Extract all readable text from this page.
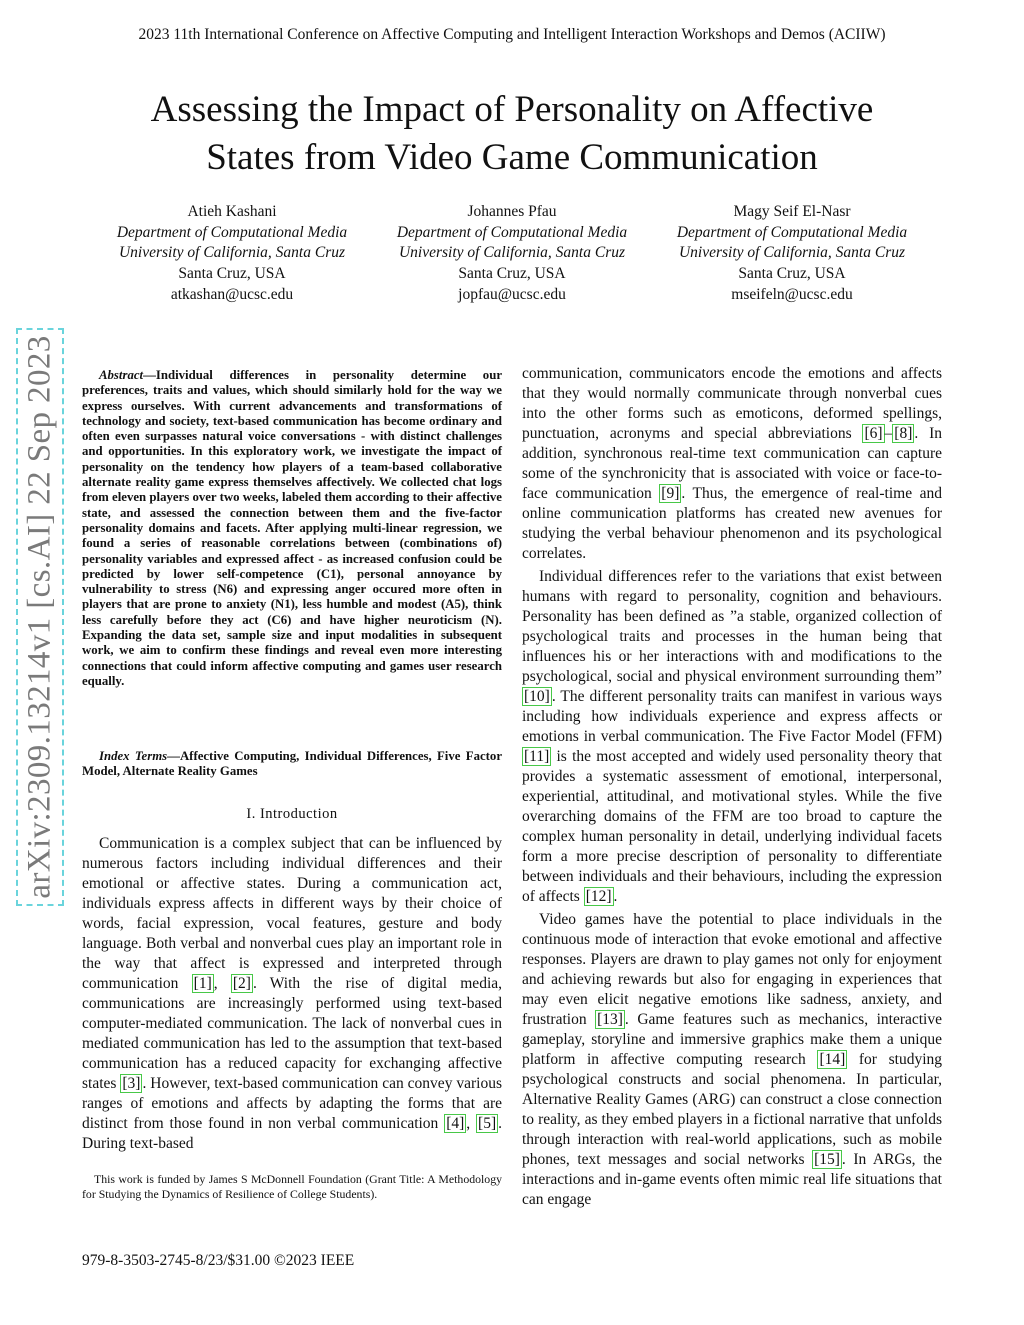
2023 11th International Conference on Affective Computing and Intelligent Interaction Workshops and Demos (ACIIW)
Assessing the Impact of Personality on Affective
States from Video Game Communication
Atieh Kashani
Department of Computational Media
University of California, Santa Cruz
Santa Cruz, USA
atkashan@ucsc.edu
Johannes Pfau
Department of Computational Media
University of California, Santa Cruz
Santa Cruz, USA
jopfau@ucsc.edu
Magy Seif El-Nasr
Department of Computational Media
University of California, Santa Cruz
Santa Cruz, USA
mseifeln@ucsc.edu
arXiv:2309.13214v1 [cs.AI] 22 Sep 2023	Abstract—Individual differences in personality determine our preferences, traits and values, which should similarly hold for the way we express ourselves. With current advancements and transformations of technology and society, text-based communication has become ordinary and often even surpasses natural voice conversations - with distinct challenges and opportunities. In this exploratory work, we investigate the impact of personality on the tendency how players of a team-based collaborative alternate reality game express themselves affectively. We collected chat logs from eleven players over two weeks, labeled them according to their affective state, and assessed the connection between them and the five-factor personality domains and facets. After applying multi-linear regression, we found a series of reasonable correlations between (combinations of) personality variables and expressed affect - as increased confusion could be predicted by lower self-competence (C1), personal annoyance by vulnerability to stress (N6) and expressing anger occured more often in players that are prone to anxiety (N1), less humble and modest (A5), think less carefully before they act (C6) and have higher neuroticism (N). Expanding the data set, sample size and input modalities in subsequent work, we aim to confirm these findings and reveal even more interesting connections that could inform affective computing and games user research equally.
Index Terms—Affective Computing, Individual Differences, Five Factor Model, Alternate Reality Games
I. Introduction

Communication is a complex subject that can be influenced by numerous factors including individual differences and their emotional or affective states. During a communication act, individuals express affects in different ways by their choice of words, facial expression, vocal features, gesture and body language. Both verbal and nonverbal cues play an important role in the way that affect is expressed and interpreted through communication [1] , [2] . With the rise of digital media, communications are increasingly performed using text-based computer-mediated communication. The lack of nonverbal cues in mediated communication has led to the assumption that text-based communication has a reduced capacity for exchanging affective states [3] . However, text-based communication can convey various ranges of emotions and affects by adapting the forms that are distinct from those found in non verbal communication [4] , [5] . During text-based

communication, communicators encode the emotions and affects that they would normally communicate through nonverbal cues into the other forms such as emoticons, deformed spellings, punctuation, acronyms and special abbreviations [6] – [8] . In addition, synchronous real-time text communication can capture some of the synchronicity that is associated with voice or face-to-face communication [9] . Thus, the emergence of real-time and online communication platforms has created new avenues for studying the verbal behaviour phenomenon and its psychological correlates.

Individual differences refer to the variations that exist between humans with regard to personality, cognition and behaviours. Personality has been defined as ”a stable, organized collection of psychological traits and processes in the human being that influences his or her interactions with and modifications to the psychological, social and physical environment surrounding them” [10] . The different personality traits can manifest in various ways including how individuals experience and express affects or emotions in verbal communication. The Five Factor Model (FFM) [11] is the most accepted and widely used personality theory that provides a systematic assessment of emotional, interpersonal, experiential, attitudinal, and motivational styles. While the five overarching domains of the FFM are too broad to capture the complex human personality in detail, underlying individual facets form a more precise description of personality to differentiate between individuals and their behaviours, including the expression of affects [12] .

Video games have the potential to place individuals in the continuous mode of interaction that evoke emotional and affective responses. Players are drawn to play games not only for enjoyment and achieving rewards but also for engaging in experiences that may even elicit negative emotions like sadness, anxiety, and frustration [13] . Game features such as mechanics, interactive gameplay, storyline and immersive graphics make them a unique platform in affective computing research [14] for studying psychological constructs and social phenomena. In particular, Alternative Reality Games (ARG) can construct a close connection to reality, as they embed players in a fictional narrative that unfolds through interaction with real-world applications, such as mobile phones, text messages and social networks [15] . In ARGs, the interactions and in-game events often mimic real life situations that can engage

This work is funded by James S McDonnell Foundation (Grant Title: A Methodology for Studying the Dynamics of Resilience of College Students).
979-8-3503-2745-8/23/$31.00 ©2023 IEEE
